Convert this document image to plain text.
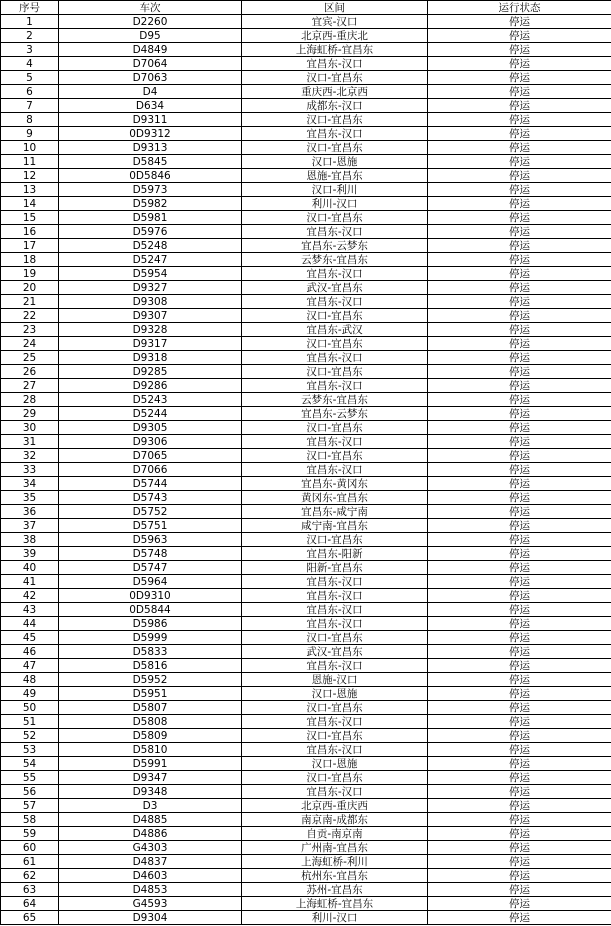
序号	车次	区间	运行状态
1	D2260	宜宾-汉口	停运
2	D95	北京西-重庆北	停运
3	D4849	上海虹桥-宜昌东	停运
4	D7064	宜昌东-汉口	停运
5	D7063	汉口-宜昌东	停运
6	D4	重庆西-北京西	停运
7	D634	成都东-汉口	停运
8	D9311	汉口-宜昌东	停运
9	0D9312	宜昌东-汉口	停运
10	D9313	汉口-宜昌东	停运
11	D5845	汉口-恩施	停运
12	0D5846	恩施-宜昌东	停运
13	D5973	汉口-利川	停运
14	D5982	利川-汉口	停运
15	D5981	汉口-宜昌东	停运
16	D5976	宜昌东-汉口	停运
17	D5248	宜昌东-云梦东	停运
18	D5247	云梦东-宜昌东	停运
19	D5954	宜昌东-汉口	停运
20	D9327	武汉-宜昌东	停运
21	D9308	宜昌东-汉口	停运
22	D9307	汉口-宜昌东	停运
23	D9328	宜昌东-武汉	停运
24	D9317	汉口-宜昌东	停运
25	D9318	宜昌东-汉口	停运
26	D9285	汉口-宜昌东	停运
27	D9286	宜昌东-汉口	停运
28	D5243	云梦东-宜昌东	停运
29	D5244	宜昌东-云梦东	停运
30	D9305	汉口-宜昌东	停运
31	D9306	宜昌东-汉口	停运
32	D7065	汉口-宜昌东	停运
33	D7066	宜昌东-汉口	停运
34	D5744	宜昌东-黄冈东	停运
35	D5743	黄冈东-宜昌东	停运
36	D5752	宜昌东-咸宁南	停运
37	D5751	咸宁南-宜昌东	停运
38	D5963	汉口-宜昌东	停运
39	D5748	宜昌东-阳新	停运
40	D5747	阳新-宜昌东	停运
41	D5964	宜昌东-汉口	停运
42	0D9310	宜昌东-汉口	停运
43	0D5844	宜昌东-汉口	停运
44	D5986	宜昌东-汉口	停运
45	D5999	汉口-宜昌东	停运
46	D5833	武汉-宜昌东	停运
47	D5816	宜昌东-汉口	停运
48	D5952	恩施-汉口	停运
49	D5951	汉口-恩施	停运
50	D5807	汉口-宜昌东	停运
51	D5808	宜昌东-汉口	停运
52	D5809	汉口-宜昌东	停运
53	D5810	宜昌东-汉口	停运
54	D5991	汉口-恩施	停运
55	D9347	汉口-宜昌东	停运
56	D9348	宜昌东-汉口	停运
57	D3	北京西-重庆西	停运
58	D4885	南京南-成都东	停运
59	D4886	自贡-南京南	停运
60	G4303	广州南-宜昌东	停运
61	D4837	上海虹桥-利川	停运
62	D4603	杭州东-宜昌东	停运
63	D4853	苏州-宜昌东	停运
64	G4593	上海虹桥-宜昌东	停运
65	D9304	利川-汉口	停运
